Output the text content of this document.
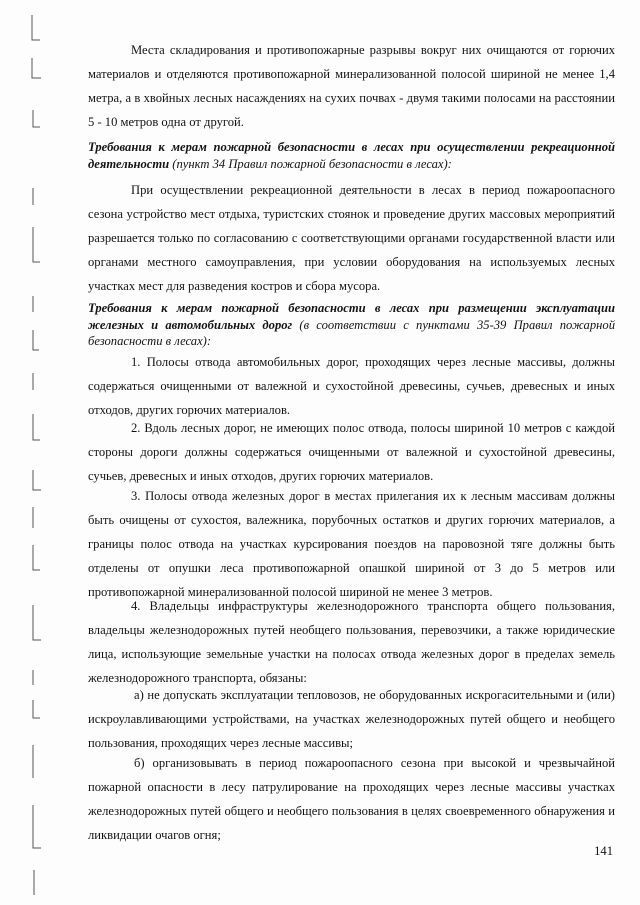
Места складирования и противопожарные разрывы вокруг них очищаются от горючих материалов и отделяются противопожарной минерализованной полосой шириной не менее 1,4 метра, а в хвойных лесных насаждениях на сухих почвах - двумя такими полосами на расстоянии 5 - 10 метров одна от другой.
Требования к мерам пожарной безопасности в лесах при осуществлении рекреационной деятельности (пункт 34 Правил пожарной безопасности в лесах):
При осуществлении рекреационной деятельности в лесах в период пожароопасного сезона устройство мест отдыха, туристских стоянок и проведение других массовых мероприятий разрешается только по согласованию с соответствующими органами государственной власти или органами местного самоуправления, при условии оборудования на используемых лесных участках мест для разведения костров и сбора мусора.
Требования к мерам пожарной безопасности в лесах при размещении эксплуатации железных и автомобильных дорог (в соответствии с пунктами 35-39 Правил пожарной безопасности в лесах):
1. Полосы отвода автомобильных дорог, проходящих через лесные массивы, должны содержаться очищенными от валежной и сухостойной древесины, сучьев, древесных и иных отходов, других горючих материалов.
2. Вдоль лесных дорог, не имеющих полос отвода, полосы шириной 10 метров с каждой стороны дороги должны содержаться очищенными от валежной и сухостойной древесины, сучьев, древесных и иных отходов, других горючих материалов.
3. Полосы отвода железных дорог в местах прилегания их к лесным массивам должны быть очищены от сухостоя, валежника, порубочных остатков и других горючих материалов, а границы полос отвода на участках курсирования поездов на паровозной тяге должны быть отделены от опушки леса противопожарной опашкой шириной от 3 до 5 метров или противопожарной минерализованной полосой шириной не менее 3 метров.
4. Владельцы инфраструктуры железнодорожного транспорта общего пользования, владельцы железнодорожных путей необщего пользования, перевозчики, а также юридические лица, использующие земельные участки на полосах отвода железных дорог в пределах земель железнодорожного транспорта, обязаны:
а) не допускать эксплуатации тепловозов, не оборудованных искрогасительными и (или) искроулавливающими устройствами, на участках железнодорожных путей общего и необщего пользования, проходящих через лесные массивы;
б) организовывать в период пожароопасного сезона при высокой и чрезвычайной пожарной опасности в лесу патрулирование на проходящих через лесные массивы участках железнодорожных путей общего и необщего пользования в целях своевременного обнаружения и ликвидации очагов огня;
141
